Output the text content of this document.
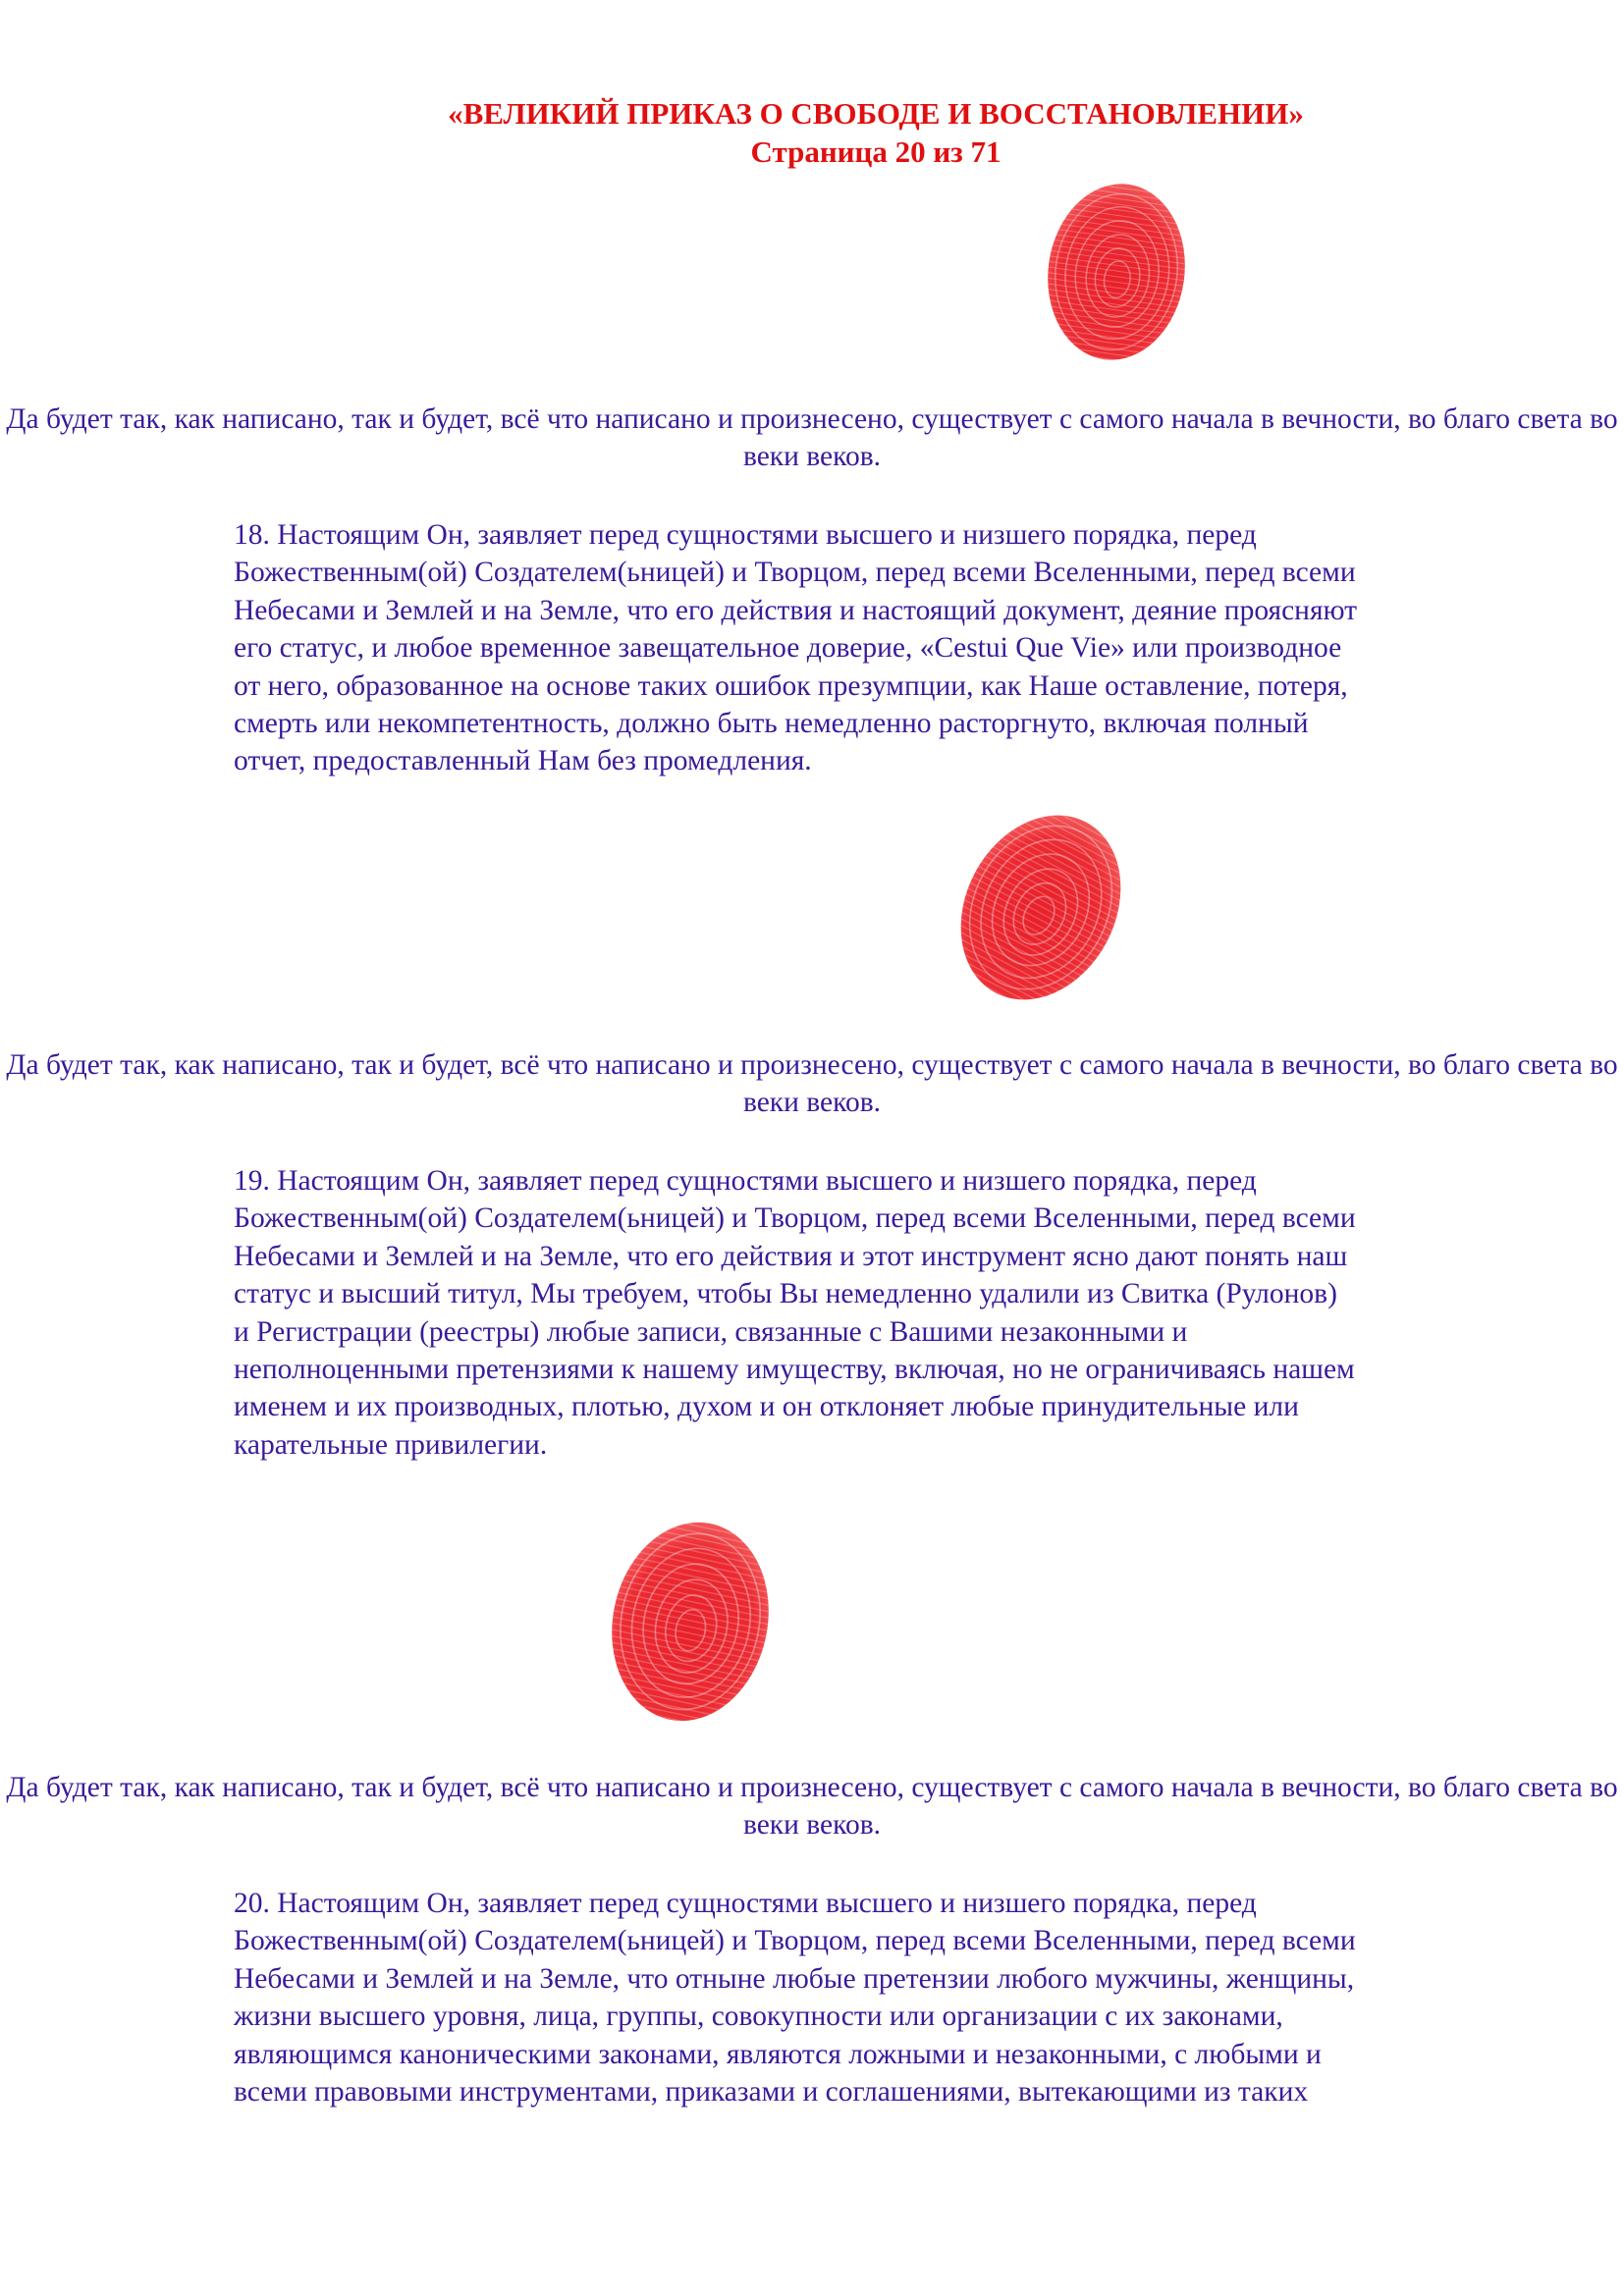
«ВЕЛИКИЙ ПРИКАЗ О СВОБОДЕ И ВОССТАНОВЛЕНИИ»
Страница 20 из 71
Да будет так, как написано, так и будет, всё что написано и произнесено, существует с самого начала в вечности, во благо света во веки веков.
18. Настоящим Он, заявляет перед сущностями высшего и низшего порядка, перед
Божественным(ой) Создателем(ьницей) и Творцом, перед всеми Вселенными, перед всеми
Небесами и Землей и на Земле, что его действия и настоящий документ, деяние проясняют
его статус, и любое временное завещательное доверие, «Cestui Que Vie» или производное
от него, образованное на основе таких ошибок презумпции, как Наше оставление, потеря,
смерть или некомпетентность, должно быть немедленно расторгнуто, включая полный
отчет, предоставленный Нам без промедления.
Да будет так, как написано, так и будет, всё что написано и произнесено, существует с самого начала в вечности, во благо света во веки веков.
19. Настоящим Он, заявляет перед сущностями высшего и низшего порядка, перед
Божественным(ой) Создателем(ьницей) и Творцом, перед всеми Вселенными, перед всеми
Небесами и Землей и на Земле, что его действия и этот инструмент ясно дают понять наш
статус и высший титул, Мы требуем, чтобы Вы немедленно удалили из Свитка (Рулонов)
и Регистрации (реестры) любые записи, связанные с Вашими незаконными и
неполноценными претензиями к нашему имуществу, включая, но не ограничиваясь нашем
именем и их производных, плотью, духом и он отклоняет любые принудительные или
карательные привилегии.
Да будет так, как написано, так и будет, всё что написано и произнесено, существует с самого начала в вечности, во благо света во веки веков.
20. Настоящим Он, заявляет перед сущностями высшего и низшего порядка, перед
Божественным(ой) Создателем(ьницей) и Творцом, перед всеми Вселенными, перед всеми
Небесами и Землей и на Земле, что отныне любые претензии любого мужчины, женщины,
жизни высшего уровня, лица, группы, совокупности или организации с их законами,
являющимся каноническими законами, являются ложными и незаконными, с любыми и
всеми правовыми инструментами, приказами и соглашениями, вытекающими из таких
